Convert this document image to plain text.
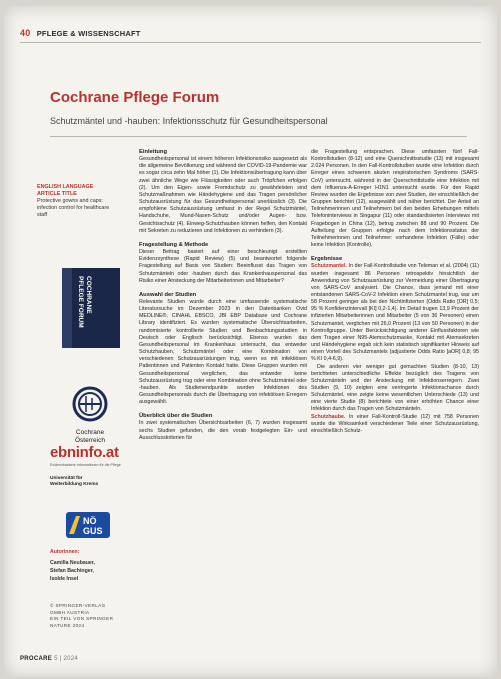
40 PFLEGE & WISSENSCHAFT
Cochrane Pflege Forum
Schutzmäntel und -hauben: Infektionsschutz für Gesundheitspersonal
ENGLISH LANGUAGE ARTICLE TITLE
Protective gowns and caps: infection control for healthcare staff
COCHRANE
PFLEGE FORUM
Cochrane
Österreich
ebninfo.at
Evidenzbasierte Informationen für die Pflege
Universität für Weiterbildung Krems
NÖ
GUS
Autorinnen:
Camilla Neubauer,
Stefan Bachinger,
Isolde Insel
© SPRINGER-VERLAG
GMBH AUSTRIA
EIN TEIL VON SPRINGER
NATURE 2024
Einleitung

Gesundheitspersonal ist einem höheren Infektionsrisiko ausgesetzt als die allgemeine Bevölkerung und während der COVID-19-Pandemie war es sogar circa zehn Mal höher (1). Die Infektionsübertragung kann über zwei ähnliche Wege wie Flüssigkeiten oder auch Tröpfchen erfolgen (2). Um den Eigen- sowie Fremdschutz zu gewährleisten sind Schutzmaßnahmen wie Händehygiene und das Tragen persönlicher Schutzausrüstung für das Gesundheitspersonal unerlässlich (3). Die empfohlene Schutzausrüstung umfasst in der Regel Schutzmäntel, Handschuhe, Mund-Nasen-Schutz und/oder Augen- bzw. Gesichtsschutz (4). Einweg-Schutzhauben können helfen, den Kontakt mit Sekreten zu reduzieren und Infektionen zu verhindern (3).

Fragestellung & Methode

Dieser Beitrag basiert auf einer beschleunigt erstellten Evidenzsynthese (Rapid Review) (5) und beantwortet folgende Fragestellung auf Basis von Studien: Beeinflusst das Tragen von Schutzmänteln oder -hauben durch das Krankenhauspersonal das Risiko einer Ansteckung der Mitarbeiterinnen und Mitarbeiter?

Auswahl der Studien

Relevante Studien wurde durch eine umfassende systematische Literatursuche im Dezember 2023 in den Datenbanken Ovid MEDLINE®, CINAHL EBSCO, JBI EBP Database und Cochrane Library identifiziert. Es wurden systematische Übersichtsarbeiten, randomisierte kontrollierte Studien und Beobachtungsstudien in Deutsch oder Englisch berücksichtigt. Ebenso wurden das Gesundheitspersonal im Krankenhaus untersucht, das entweder Schutzhauben, Schutzmäntel oder eine Kombination von verschiedenen Schutzausrüstungen trug, wenn es mit infektiösen Patientinnen und Patienten Kontakt hatte. Diese Gruppen wurden mit Gesundheitspersonal verglichen, das entweder keine Schutzausrüstung trug oder eine Kombination ohne Schutzmäntel oder -hauben. Als Studienendpunkte wurden Infektionen des Gesundheitspersonals durch die Übertragung von infektiösen Erregern ausgewählt.

Überblick über die Studien

In zwei systematischen Übersichtsarbeiten (6, 7) wurden insgesamt sechs Studien gefunden, die den vorab festgelegten Ein- und Ausschlusskriterien für

die Fragestellung entsprachen. Diese umfassten fünf Fall-Kontrollstudien (8-12) und eine Querschnittsstudie (13) mit insgesamt 2.024 Personen. In den Fall-Kontrollstudien wurde eine Infektion durch Erreger eines schweren akuten respiratorischen Syndroms (SARS-CoV) untersucht, während in der Querschnittstudie eine Infektion mit dem Influenza-A-Erreger H1N1 untersucht wurde. Für den Rapid Review wurden die Ergebnisse von zwei Studien, der einschließlich der Gruppen berichtet (12), ausgewählt und näher berichtet. Der Anteil an Teilnehmerinnen und Teilnehmern bei den beiden Erhebungen mittels Telefoninterviews in Singapur (11) oder standardisierten Interviews mit Fragebogen in China (12), betrug zwischen 88 und 90 Prozent. Die Aufteilung der Gruppen erfolgte nach dem Infektionsstatus der Teilnehmerinnen und Teilnehmer: vorhandene Infektion (Fälle) oder keine Infektion (Kontrolle).

Ergebnisse

Schutzmantel. In der Fall-Kontrollstudie von Teleman et al. (2004) (11) wurden insgesamt 86 Personen retrospektiv hinsichtlich der Anwendung von Schutzausrüstung zur Vermeidung einer Übertragung von SARS-CoV analysiert. Die Chance, dass jemand mit einer entstandenen SARS-CoV-2 Infektion einen Schutzmantel trug, war um 58 Prozent geringer als bei den Nichtinfizierten (Odds Ratio [OR] 0,5; 95 % Konfidenzintervall [KI] 0,2-1,4). Im Detail trugen 13,9 Prozent der infizierten Mitarbeiterinnen und Mitarbeiter (5 von 36 Personen) einen Schutzmantel, verglichen mit 26,0 Prozent (13 von 50 Personen) in der Kontrollgruppe. Unter Berücksichtigung anderer Einflussfaktoren wie dem Tragen einer N95-Atemschutzmaske, Kontakt mit Atemsekreten und Händehygiene ergab sich kein statistisch signifikanter Hinweis auf einen Vorteil des Schutzmantels (adjustierte Odds Ratio [aOR] 0,8; 95 % KI 0,4-6,9).

Die anderen vier weniger gut gemachten Studien (8-10, 13) berichteten unterschiedliche Effekte bezüglich des Tragens von Schutzmänteln und der Ansteckung mit Infektionserregern. Zwei Studien (9, 10) zeigten eine verringerte Infektionschance durch Schutzmäntel, eine zeigte keine wesentlichen Unterschiede (13) und eine vierte Studie (8) berichtete von einer erhöhten Chance einer Infektion durch das Tragen von Schutzmänteln.

Schutzhaube. In einer Fall-Kontroll-Studie (12) mit 758 Personen wurde die Wirksamkeit verschiedener Teile einer Schutzausrüstung, einschließlich Schutz-

PROCARE 5 | 2024
